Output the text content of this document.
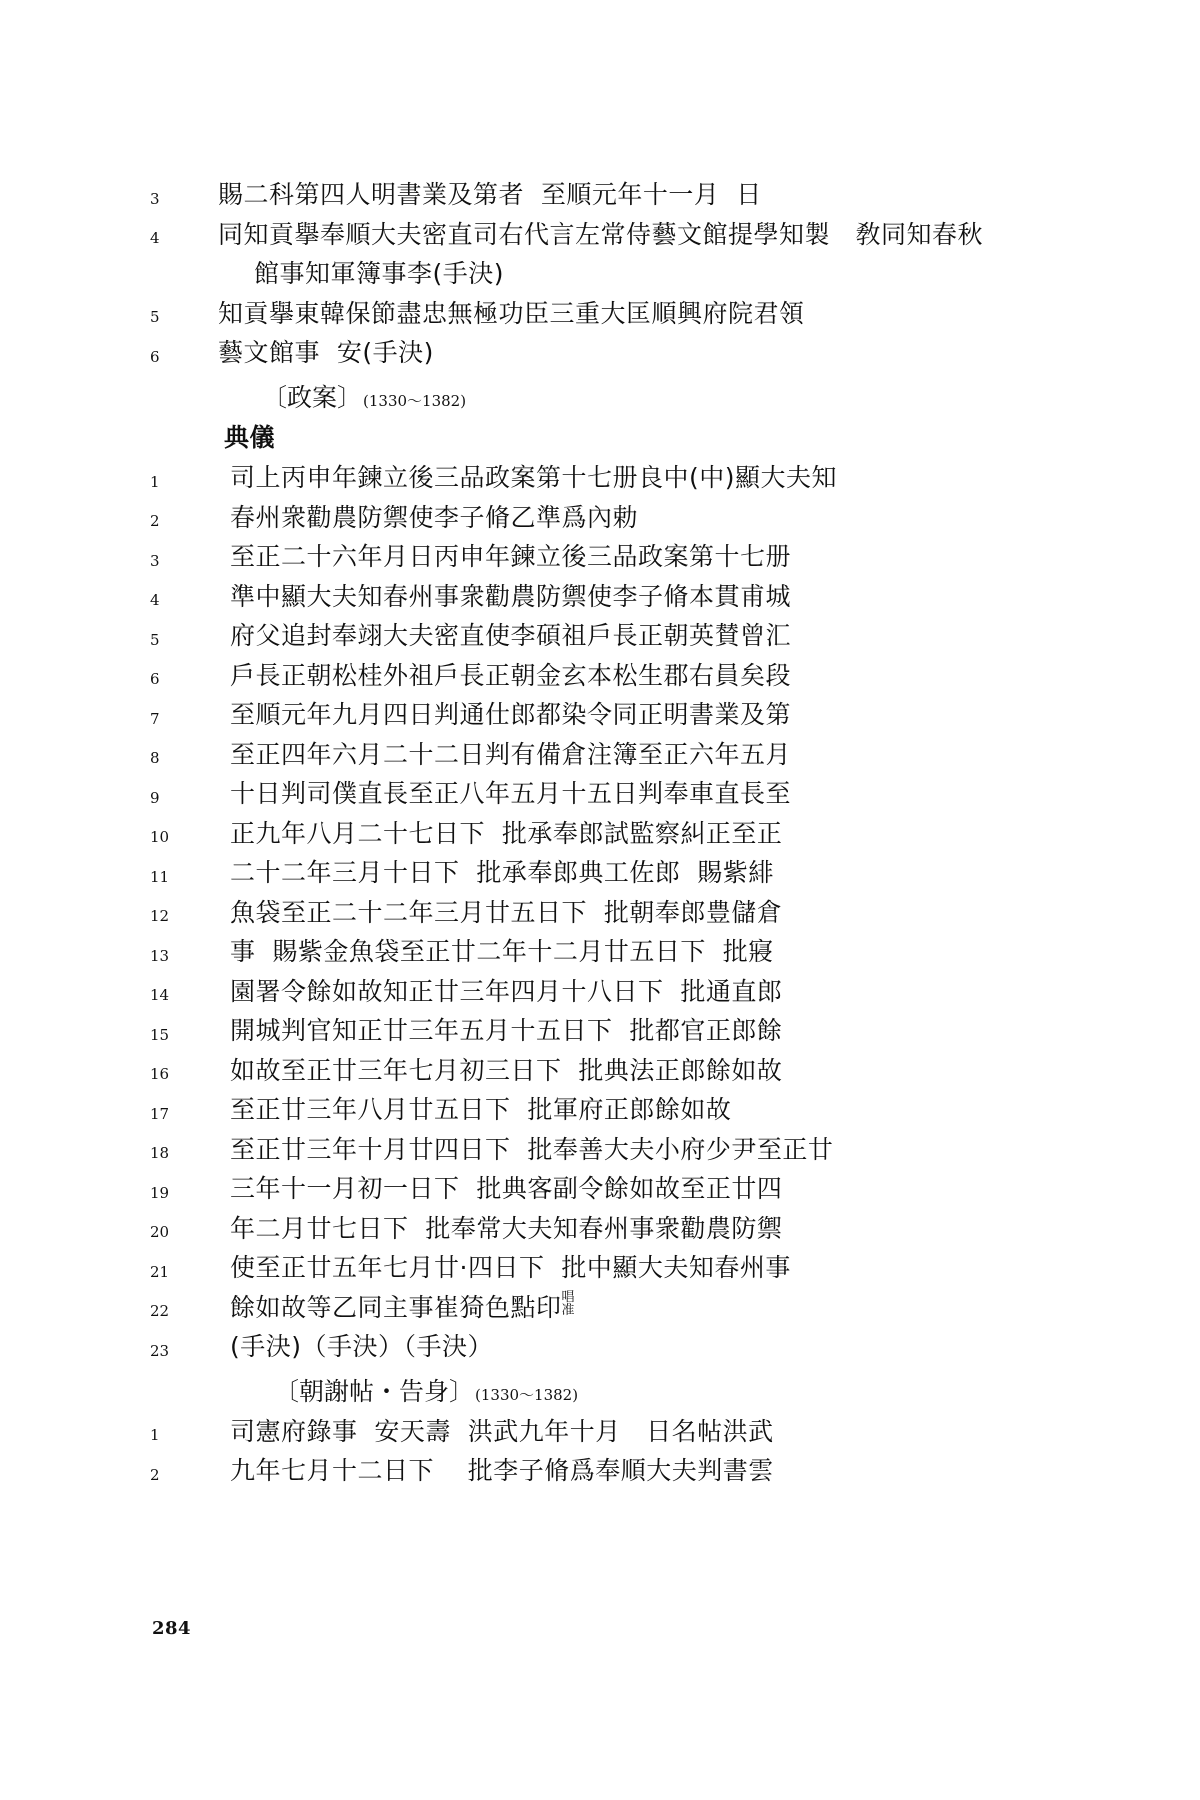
3	賜二科第四人明書業及第者  至順元年十一月  日
4	同知貢擧奉順大夫密直司右代言左常侍藝文館提學知製　敎同知春秋
館事知軍簿事李(手決)
5	知貢擧東韓保節盡忠無極功臣三重大匡順興府院君領
6	藝文館事  安(手決)
〔政案〕 (1330～1382)
典儀
1	司上丙申年鍊立後三品政案第十七册良中(中)顯大夫知
2	春州衆勸農防禦使李子脩乙準爲內勅
3	至正二十六年月日丙申年鍊立後三品政案第十七册
4	準中顯大夫知春州事衆勸農防禦使李子脩本貫甫城
5	府父追封奉翊大夫密直使李碩祖戶長正朝英賛曾汇
6	戶長正朝松桂外祖戶長正朝金玄本松生郡右員矣段
7	至順元年九月四日判通仕郎都染令同正明書業及第
8	至正四年六月二十二日判有備倉注簿至正六年五月
9	十日判司僕直長至正八年五月十五日判奉車直長至
10	正九年八月二十七日下  批承奉郎試監察糾正至正
11	二十二年三月十日下  批承奉郎典工佐郎  賜紫緋
12	魚袋至正二十二年三月廿五日下  批朝奉郎豊儲倉
13	事  賜紫金魚袋至正廿二年十二月廿五日下  批寢
14	園署令餘如故知正廿三年四月十八日下  批通直郎
15	開城判官知正廿三年五月十五日下  批都官正郎餘
16	如故至正廿三年七月初三日下  批典法正郎餘如故
17	至正廿三年八月廿五日下  批軍府正郎餘如故
18	至正廿三年十月廿四日下  批奉善大夫小府少尹至正廿
19	三年十一月初一日下  批典客副令餘如故至正廿四
20	年二月廿七日下  批奉常大夫知春州事衆勸農防禦
21	使至正廿五年七月廿·四日下  批中顯大夫知春州事
22	餘如故等乙同主事崔猗色點印 唱
准
23	(手決)（手決）（手決）
〔朝謝帖・告身〕 (1330～1382)
1	司憲府錄事  安天壽  洪武九年十月   日名帖洪武
2	九年七月十二日下    批李子脩爲奉順大夫判書雲
284
